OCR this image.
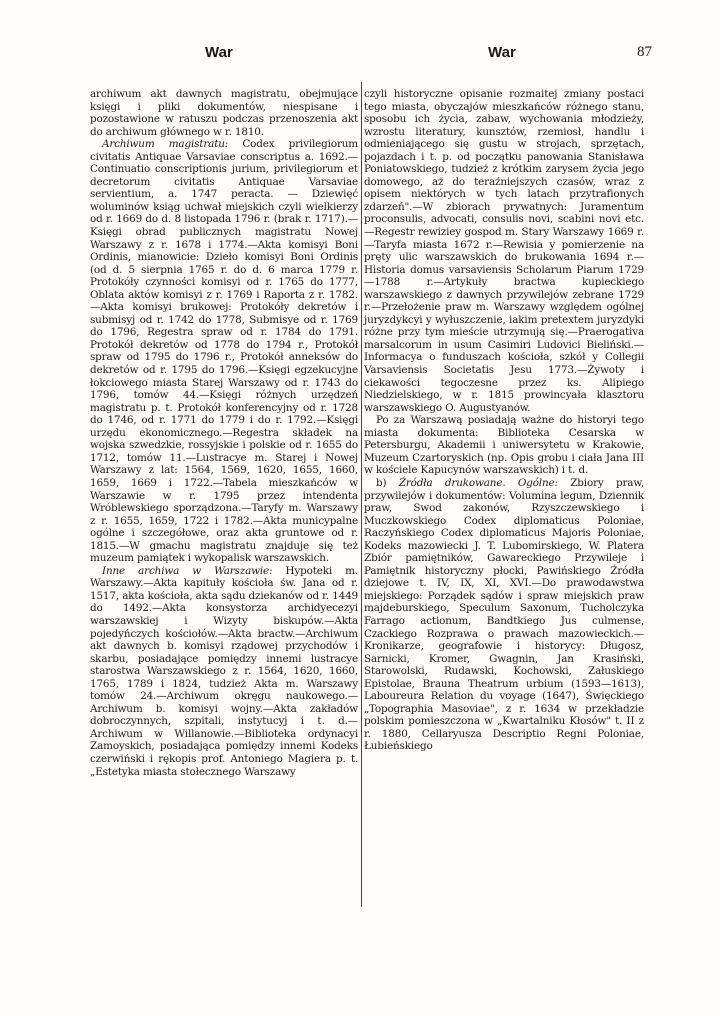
War	War	87

archiwum akt dawnych magistratu, obejmujące księgi i pliki dokumentów, niespisane i pozostawione w ratuszu podczas przenoszenia akt do archiwum głównego w r. 1810.

Archiwum magistratu: Codex privilegiorum civitatis Antiquae Varsaviae conscriptus a. 1692.—Continuatio conscriptionis jurium, privilegiorum et decretorum civitatis Antiquae Varsaviae servientium, a. 1747 peracta. — Dziewięć woluminów ksiąg uchwał miejskich czyli wielkierzy od r. 1669 do d. 8 listopada 1796 r. (brak r. 1717).—Księgi obrad publicznych magistratu Nowej Warszawy z r. 1678 i 1774.—Akta komisyi Boni Ordinis, mianowicie: Dzieło komisyi Boni Ordinis (od d. 5 sierpnia 1765 r. do d. 6 marca 1779 r. Protokóły czynności komisyi od r. 1765 do 1777, Oblata aktów komisyi z r. 1769 i Raporta z r. 1782.—Akta komisyi brukowej: Protokóły dekretów i submisyj od r. 1742 do 1778, Submisye od r. 1769 do 1796, Regestra spraw od r. 1784 do 1791. Protokół dekretów od 1778 do 1794 r., Protokół spraw od 1795 do 1796 r., Protokół anneksów do dekretów od r. 1795 do 1796.—Księgi egzekucyjne łokciowego miasta Starej Warszawy od r. 1743 do 1796, tomów 44.—Księgi różnych urzędzeń magistratu p. t. Protokół konferencyjny od r. 1728 do 1746, od r. 1771 do 1779 i do r. 1792.—Księgi urzędu ekonomicznego.—Regestra składek na wojska szwedzkie, rossyjskie i polskie od r. 1655 do 1712, tomów 11.—Lustracye m. Starej i Nowej Warszawy z lat: 1564, 1569, 1620, 1655, 1660, 1659, 1669 i 1722.—Tabela mieszkańców w Warszawie w r. 1795 przez intendenta Wróblewskiego sporządzona.—Taryfy m. Warszawy z r. 1655, 1659, 1722 i 1782.—Akta municypalne ogólne i szczegółowe, oraz akta gruntowe od r. 1815.—W gmachu magistratu znajduje się też muzeum pamiątek i wykopalisk warszawskich.

Inne archiwa w Warszawie: Hypoteki m. Warszawy.—Akta kapituły kościoła św. Jana od r. 1517, akta kościoła, akta sądu dziekanów od r. 1449 do 1492.—Akta konsystorza archidyecezyi warszawskiej i Wizyty biskupów.—Akta pojedyńczych kościołów.—Akta bractw.—Archiwum akt dawnych b. komisyi rządowej przychodów i skarbu, posiadające pomiędzy innemi lustracye starostwa Warszawskiego z r. 1564, 1620, 1660, 1765, 1789 i 1824, tudzież Akta m. Warszawy tomów 24.—Archiwum okręgu naukowego.—Archiwum b. komisyi wojny.—Akta zakładów dobroczynnych, szpitali, instytucyj i t. d.—Archiwum w Willanowie.—Biblioteka ordynacyi Zamoyskich, posiadająca pomiędzy innemi Kodeks czerwiński i rękopis prof. Antoniego Magiera p. t. „Estetyka miasta stołecznego Warszawy

czyli historyczne opisanie rozmaitej zmiany postaci tego miasta, obyczajów mieszkańców różnego stanu, sposobu ich życia, zabaw, wychowania młodzieży, wzrostu literatury, kunsztów, rzemiosł, handlu i odmieniającego się gustu w strojach, sprzętach, pojazdach i t. p. od początku panowania Stanisława Poniatowskiego, tudzież z krótkim zarysem życia jego domowego, aż do teraźniejszych czasów, wraz z opisem niektórych w tych latach przytrafionych zdarzeń".—W zbiorach prywatnych: Juramentum proconsulis, advocati, consulis novi, scabini novi etc.—Regestr rewiziey gospod m. Stary Warszawy 1669 r.—Taryfa miasta 1672 r.—Rewisia y pomierzenie na pręty ulic warszawskich do brukowania 1694 r.—Historia domus varsaviensis Scholarum Piarum 1729—1788 r.—Artykuły bractwa kupieckiego warszawskiego z dawnych przywilejów zebrane 1729 r.—Przełożenie praw m. Warszawy względem ogólnej juryzdykcyi y wyłuszczenie, iakim pretextem juryzdyki różne przy tym mieście utrzymują się.—Praerogativa marsalcorum in usum Casimiri Ludovici Bieliński.—Informacya o funduszach kościoła, szkół y Collegii Varsaviensis Societatis Jesu 1773.—Żywoty i ciekawości tegoczesne przez ks. Alipiego Niedzielskiego, w r. 1815 prowincyała klasztoru warszawskiego O. Augustyanów.

Po za Warszawą posiadają ważne do historyi tego miasta dokumenta: Biblioteka Cesarska w Petersburgu, Akademii i uniwersytetu w Krakowie, Muzeum Czartoryskich (np. Opis grobu i ciała Jana III w kościele Kapucynów warszawskich) i t. d.

b) Źródła drukowane. Ogólne: Zbiory praw, przywilejów i dokumentów: Volumina legum, Dziennik praw, Swod zakonów, Rzyszczewskiego i Muczkowskiego Codex diplomaticus Poloniae, Raczyńskiego Codex diplomaticus Majoris Poloniae, Kodeks mazowiecki J. T. Lubomirskiego, W. Platera Zbiór pamiętników, Gawareckiego Przywileje i Pamiętnik historyczny płocki, Pawińskiego Źródła dziejowe t. IV, IX, XI, XVI.—Do prawodawstwa miejskiego: Porządek sądów i spraw miejskich praw majdeburskiego, Speculum Saxonum, Tucholczyka Farrago actionum, Bandtkiego Jus culmense, Czackiego Rozprawa o prawach mazowieckich.—Kronikarze, geografowie i historycy: Długosz, Sarnicki, Kromer, Gwagnin, Jan Krasiński, Starowolski, Rudawski, Kochowski, Załuskiego Epistolae, Brauna Theatrum urbium (1593—1613), Laboureura Relation du voyage (1647), Święckiego „Topographia Masoviae", z r. 1634 w przekładzie polskim pomieszczona w „Kwartalniku Kłosów" t. II z r. 1880, Cellaryusza Descriptio Regni Poloniae, Łubieńskiego
